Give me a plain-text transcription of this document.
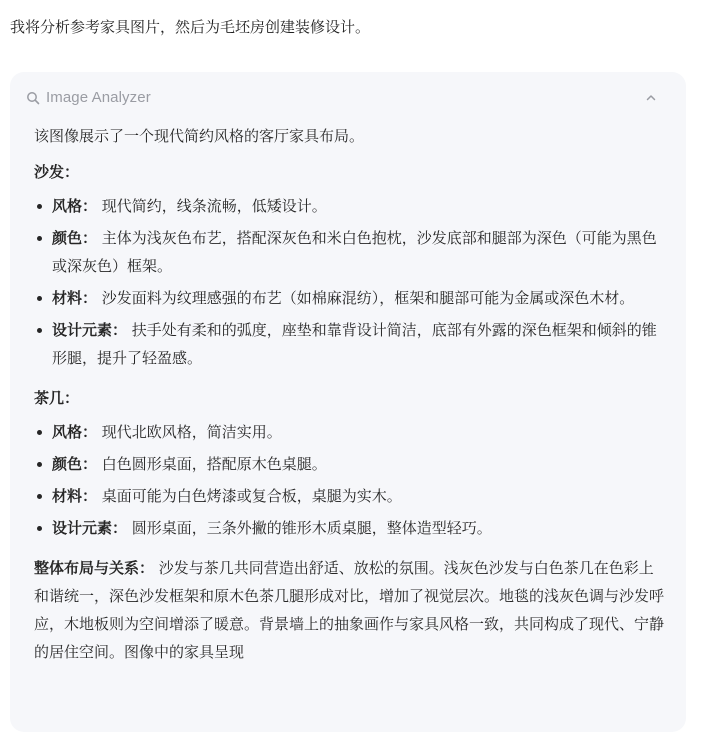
我将分析参考家具图片，然后为毛坯房创建装修设计。
Image Analyzer

该图像展示了一个现代简约风格的客厅家具布局。

沙发：

风格： 现代简约，线条流畅，低矮设计。
颜色： 主体为浅灰色布艺，搭配深灰色和米白色抱枕，沙发底部和腿部为深色（可能为黑色或深灰色）框架。
材料： 沙发面料为纹理感强的布艺（如棉麻混纺），框架和腿部可能为金属或深色木材。
设计元素： 扶手处有柔和的弧度，座垫和靠背设计简洁，底部有外露的深色框架和倾斜的锥形腿，提升了轻盈感。

茶几：

风格： 现代北欧风格，简洁实用。
颜色： 白色圆形桌面，搭配原木色桌腿。
材料： 桌面可能为白色烤漆或复合板，桌腿为实木。
设计元素： 圆形桌面，三条外撇的锥形木质桌腿，整体造型轻巧。

整体布局与关系： 沙发与茶几共同营造出舒适、放松的氛围。浅灰色沙发与白色茶几在色彩上和谐统一，深色沙发框架和原木色茶几腿形成对比，增加了视觉层次。地毯的浅灰色调与沙发呼应，木地板则为空间增添了暖意。背景墙上的抽象画作与家具风格一致，共同构成了现代、宁静的居住空间。图像中的家具呈现
